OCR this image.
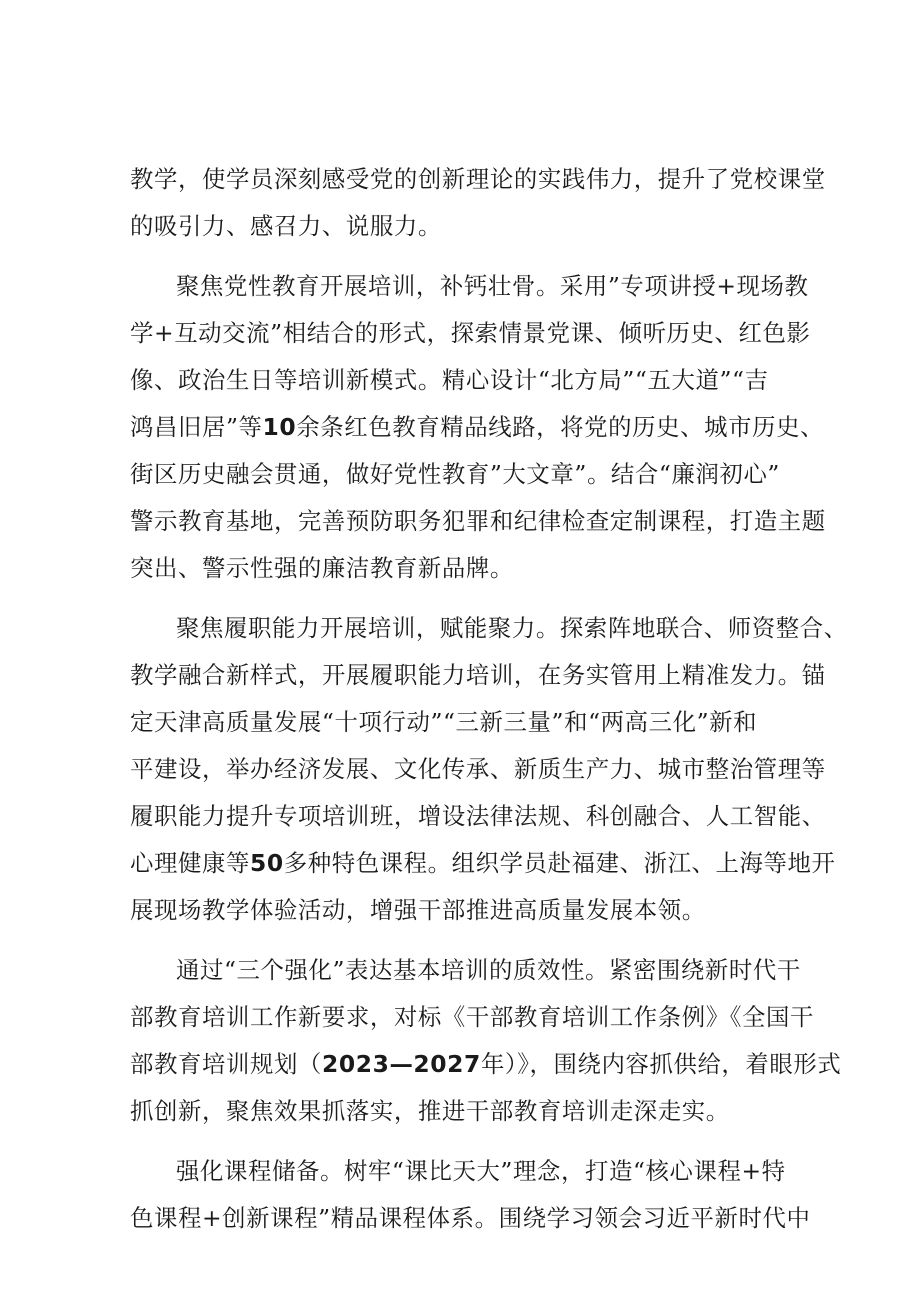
教学，使学员深刻感受党的创新理论的实践伟力，提升了党校课堂
的吸引力、感召力、说服力。
聚焦党性教育开展培训，补钙壮骨。采用”专项讲授+现场教
学+互动交流”相结合的形式，探索情景党课、倾听历史、红色影
像、政治生日等培训新模式。精心设计“北方局”“五大道”“吉
鸿昌旧居”等10余条红色教育精品线路，将党的历史、城市历史、
街区历史融会贯通，做好党性教育”大文章”。结合“廉润初心”
警示教育基地，完善预防职务犯罪和纪律检查定制课程，打造主题
突出、警示性强的廉洁教育新品牌。
聚焦履职能力开展培训，赋能聚力。探索阵地联合、师资整合、
教学融合新样式，开展履职能力培训，在务实管用上精准发力。锚
定天津高质量发展“十项行动”“三新三量”和“两高三化”新和
平建设，举办经济发展、文化传承、新质生产力、城市整治管理等
履职能力提升专项培训班，增设法律法规、科创融合、人工智能、
心理健康等50多种特色课程。组织学员赴福建、浙江、上海等地开
展现场教学体验活动，增强干部推进高质量发展本领。
通过“三个强化”表达基本培训的质效性。紧密围绕新时代干
部教育培训工作新要求，对标《干部教育培训工作条例》《全国干
部教育培训规划（2023—2027年）》，围绕内容抓供给，着眼形式
抓创新，聚焦效果抓落实，推进干部教育培训走深走实。
强化课程储备。树牢“课比天大”理念，打造“核心课程+特
色课程+创新课程”精品课程体系。围绕学习领会习近平新时代中
